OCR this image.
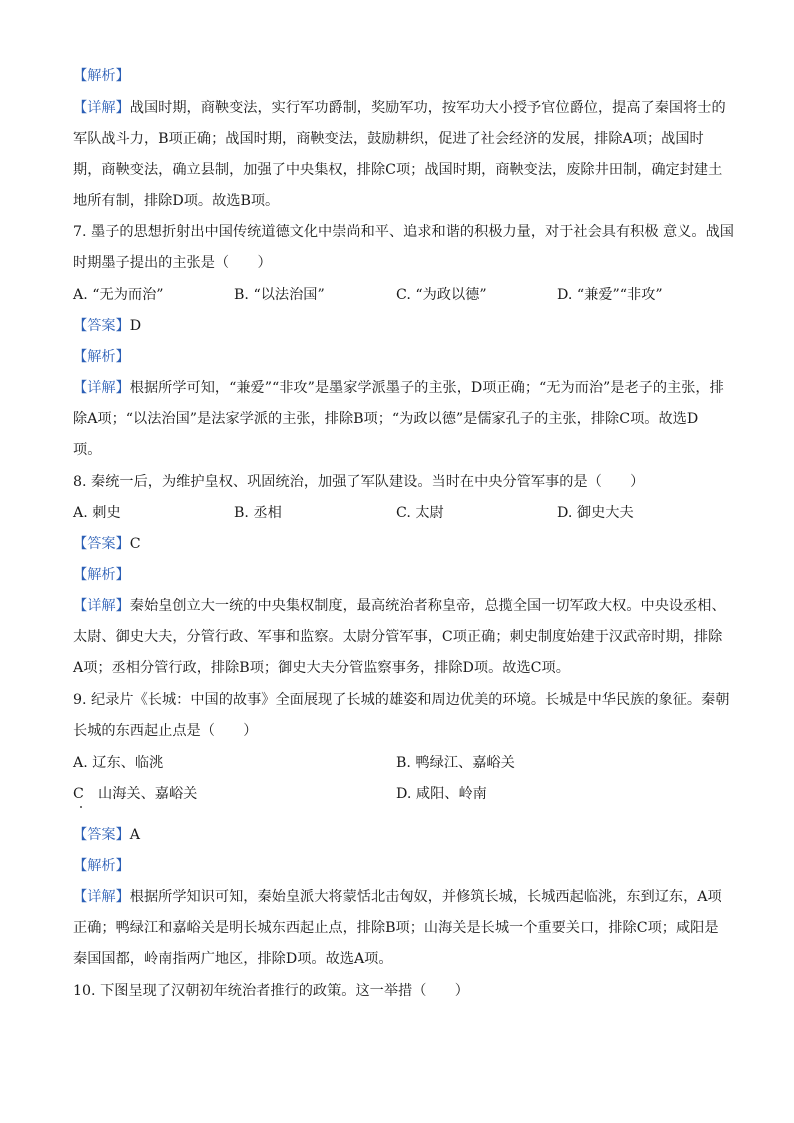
【解析】
【详解】战国时期，商鞅变法，实行军功爵制，奖励军功，按军功大小授予官位爵位，提高了秦国将士的
军队战斗力，B项正确；战国时期，商鞅变法，鼓励耕织，促进了社会经济的发展，排除A项；战国时
期，商鞅变法，确立县制，加强了中央集权，排除C项；战国时期，商鞅变法，废除井田制，确定封建土
地所有制，排除D项。故选B项。
7. 墨子的思想折射出中国传统道德文化中崇尚和平、追求和谐的积极力量，对于社会具有积极 意义。战国
时期墨子提出的主张是（　　）
A. “无为而治”	B. “以法治国”	C. “为政以德”	D. “兼爱”“非攻”
【答案】D
【解析】
【详解】根据所学可知，“兼爱”“非攻”是墨家学派墨子的主张，D项正确；“无为而治”是老子的主张，排
除A项；“以法治国”是法家学派的主张，排除B项；“为政以德”是儒家孔子的主张，排除C项。故选D
项。
8. 秦统一后，为维护皇权、巩固统治，加强了军队建设。当时在中央分管军事的是（　　）
A. 刺史	B. 丞相	C. 太尉	D. 御史大夫
【答案】C
【解析】
【详解】秦始皇创立大一统的中央集权制度，最高统治者称皇帝，总揽全国一切军政大权。中央设丞相、
太尉、御史大夫，分管行政、军事和监察。太尉分管军事，C项正确；刺史制度始建于汉武帝时期，排除
A项；丞相分管行政，排除B项；御史大夫分管监察事务，排除D项。故选C项。
9. 纪录片《长城：中国的故事》全面展现了长城的雄姿和周边优美的环境。长城是中华民族的象征。秦朝
长城的东西起止点是（　　）
A. 辽东、临洮	B. 鸭绿江、嘉峪关
C　山海关、嘉峪关	D. 咸阳、岭南
【答案】A
【解析】
【详解】根据所学知识可知，秦始皇派大将蒙恬北击匈奴，并修筑长城，长城西起临洮，东到辽东，A项
正确；鸭绿江和嘉峪关是明长城东西起止点，排除B项；山海关是长城一个重要关口，排除C项；咸阳是
秦国国都，岭南指两广地区，排除D项。故选A项。
10. 下图呈现了汉朝初年统治者推行的政策。这一举措（　　）
